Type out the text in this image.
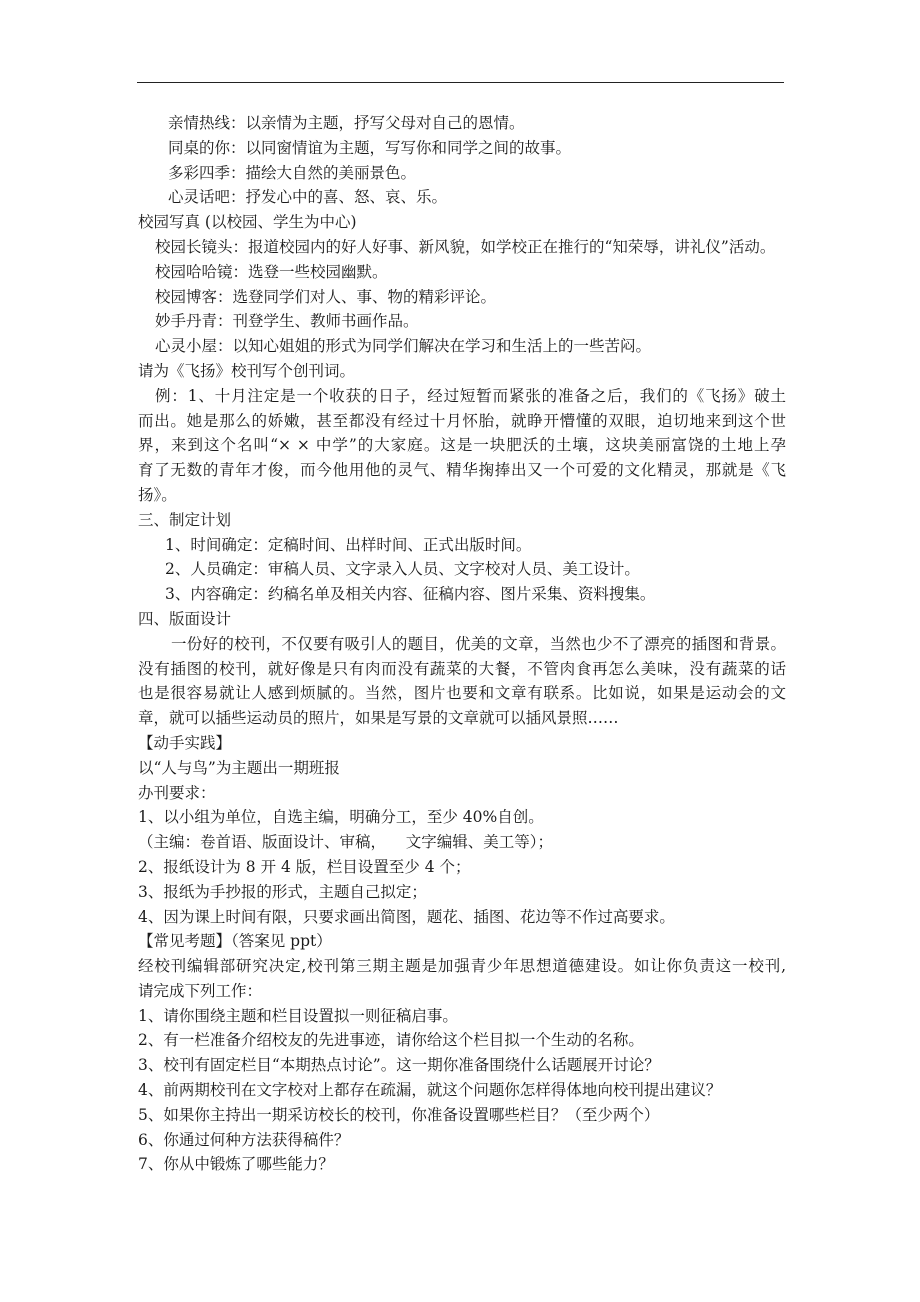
亲情热线：以亲情为主题，抒写父母对自己的恩情。
同桌的你：以同窗情谊为主题，写写你和同学之间的故事。
多彩四季：描绘大自然的美丽景色。
心灵话吧：抒发心中的喜、怒、哀、乐。
校园写真 (以校园、学生为中心)
校园长镜头：报道校园内的好人好事、新风貌，如学校正在推行的“知荣辱，讲礼仪”活动。
校园哈哈镜：选登一些校园幽默。
校园博客：选登同学们对人、事、物的精彩评论。
妙手丹青：刊登学生、教师书画作品。
心灵小屋：以知心姐姐的形式为同学们解决在学习和生活上的一些苦闷。
请为《飞扬》校刊写个创刊词。
例：1、十月注定是一个收获的日子，经过短暂而紧张的准备之后，我们的《飞扬》破土
而出。她是那么的娇嫩，甚至都没有经过十月怀胎，就睁开懵懂的双眼，迫切地来到这个世
界，来到这个名叫“× × 中学”的大家庭。这是一块肥沃的土壤，这块美丽富饶的土地上孕
育了无数的青年才俊，而今他用他的灵气、精华掬捧出又一个可爱的文化精灵，那就是《飞
扬》。
三、制定计划
1、时间确定：定稿时间、出样时间、正式出版时间。
2、人员确定：审稿人员、文字录入人员、文字校对人员、美工设计。
3、内容确定：约稿名单及相关内容、征稿内容、图片采集、资料搜集。
四、版面设计
一份好的校刊，不仅要有吸引人的题目，优美的文章，当然也少不了漂亮的插图和背景。
没有插图的校刊，就好像是只有肉而没有蔬菜的大餐，不管肉食再怎么美味，没有蔬菜的话
也是很容易就让人感到烦腻的。当然，图片也要和文章有联系。比如说，如果是运动会的文
章，就可以插些运动员的照片，如果是写景的文章就可以插风景照……
【动手实践】
以“人与鸟”为主题出一期班报
办刊要求：
1、以小组为单位，自选主编，明确分工，至少 40%自创。
（主编：卷首语、版面设计、审稿，    文字编辑、美工等）；
2、报纸设计为 8 开 4 版，栏目设置至少 4 个；
3、报纸为手抄报的形式，主题自己拟定；
4、因为课上时间有限，只要求画出简图，题花、插图、花边等不作过高要求。
【常见考题】（答案见 ppt）
经校刊编辑部研究决定,校刊第三期主题是加强青少年思想道德建设。如让你负责这一校刊,
请完成下列工作：
1、请你围绕主题和栏目设置拟一则征稿启事。
2、有一栏准备介绍校友的先进事迹，请你给这个栏目拟一个生动的名称。
3、校刊有固定栏目“本期热点讨论”。这一期你准备围绕什么话题展开讨论？
4、前两期校刊在文字校对上都存在疏漏，就这个问题你怎样得体地向校刊提出建议？
5、如果你主持出一期采访校长的校刊，你准备设置哪些栏目？（至少两个）
6、你通过何种方法获得稿件？
7、你从中锻炼了哪些能力？
